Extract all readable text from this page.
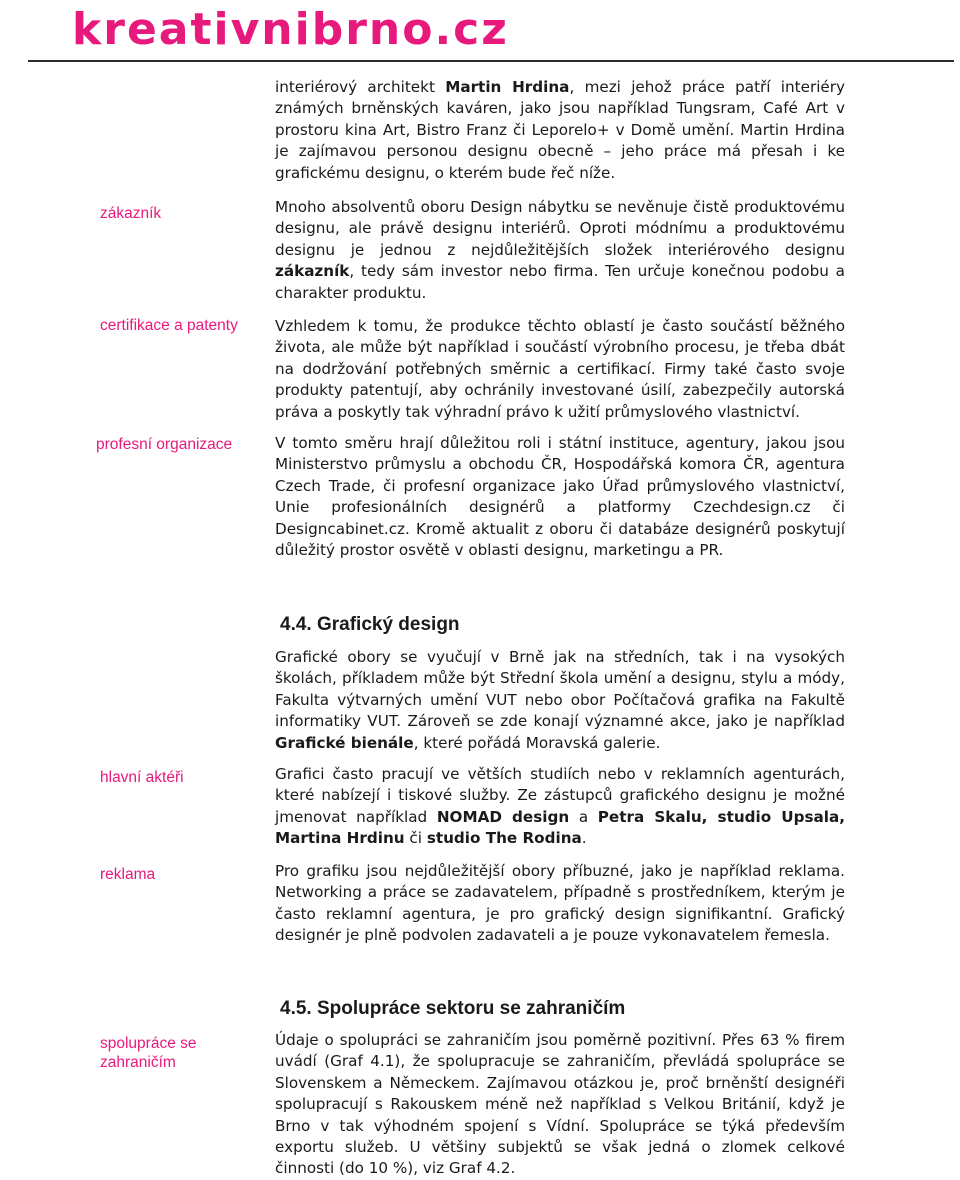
kreativnibrno.cz
zákazník
certifikace a patenty
profesní organizace
hlavní aktéři
reklama
spolupráce se zahraničím

interiérový architekt Martin Hrdina, mezi jehož práce patří interiéry známých brněnských kaváren, jako jsou například Tungsram, Café Art v prostoru kina Art, Bistro Franz či Leporelo+ v Domě umění. Martin Hrdina je zajímavou personou designu obecně – jeho práce má přesah i ke grafickému designu, o kterém bude řeč níže.

Mnoho absolventů oboru Design nábytku se nevěnuje čistě produktovému designu, ale právě designu interiérů. Oproti módnímu a produktovému designu je jednou z nejdůležitějších složek interiérového designu zákazník, tedy sám investor nebo firma. Ten určuje konečnou podobu a charakter produktu.

Vzhledem k tomu, že produkce těchto oblastí je často součástí běžného života, ale může být například i součástí výrobního procesu, je třeba dbát na dodržování potřebných směrnic a certifikací. Firmy také často svoje produkty patentují, aby ochránily investované úsilí, zabezpečily autorská práva a poskytly tak výhradní právo k užití průmyslového vlastnictví.

V tomto směru hrají důležitou roli i státní instituce, agentury, jakou jsou Ministerstvo průmyslu a obchodu ČR, Hospodářská komora ČR, agentura Czech Trade, či profesní organizace jako Úřad průmyslového vlastnictví, Unie profesionálních designérů a platformy Czechdesign.cz či Designcabinet.cz. Kromě aktualit z oboru či databáze designérů poskytují důležitý prostor osvětě v oblasti designu, marketingu a PR.

4.4. Grafický design

Grafické obory se vyučují v Brně jak na středních, tak i na vysokých školách, příkladem může být Střední škola umění a designu, stylu a módy, Fakulta výtvarných umění VUT nebo obor Počítačová grafika na Fakultě informatiky VUT. Zároveň se zde konají významné akce, jako je například Grafické bienále, které pořádá Moravská galerie.

Grafici často pracují ve větších studiích nebo v reklamních agenturách, které nabízejí i tiskové služby. Ze zástupců grafického designu je možné jmenovat například NOMAD design a Petra Skalu, studio Upsala, Martina Hrdinu či studio The Rodina.

Pro grafiku jsou nejdůležitější obory příbuzné, jako je například reklama. Networking a práce se zadavatelem, případně s prostředníkem, kterým je často reklamní agentura, je pro grafický design signifikantní. Grafický designér je plně podvolen zadavateli a je pouze vykonavatelem řemesla.

4.5. Spolupráce sektoru se zahraničím

Údaje o spolupráci se zahraničím jsou poměrně pozitivní. Přes 63 % firem uvádí (Graf 4.1), že spolupracuje se zahraničím, převládá spolupráce se Slovenskem a Německem. Zajímavou otázkou je, proč brněnští designéři spolupracují s Rakouskem méně než například s Velkou Británií, když je Brno v tak výhodném spojení s Vídní. Spolupráce se týká především exportu služeb. U většiny subjektů se však jedná o zlomek celkové činnosti (do 10 %), viz Graf 4.2.
